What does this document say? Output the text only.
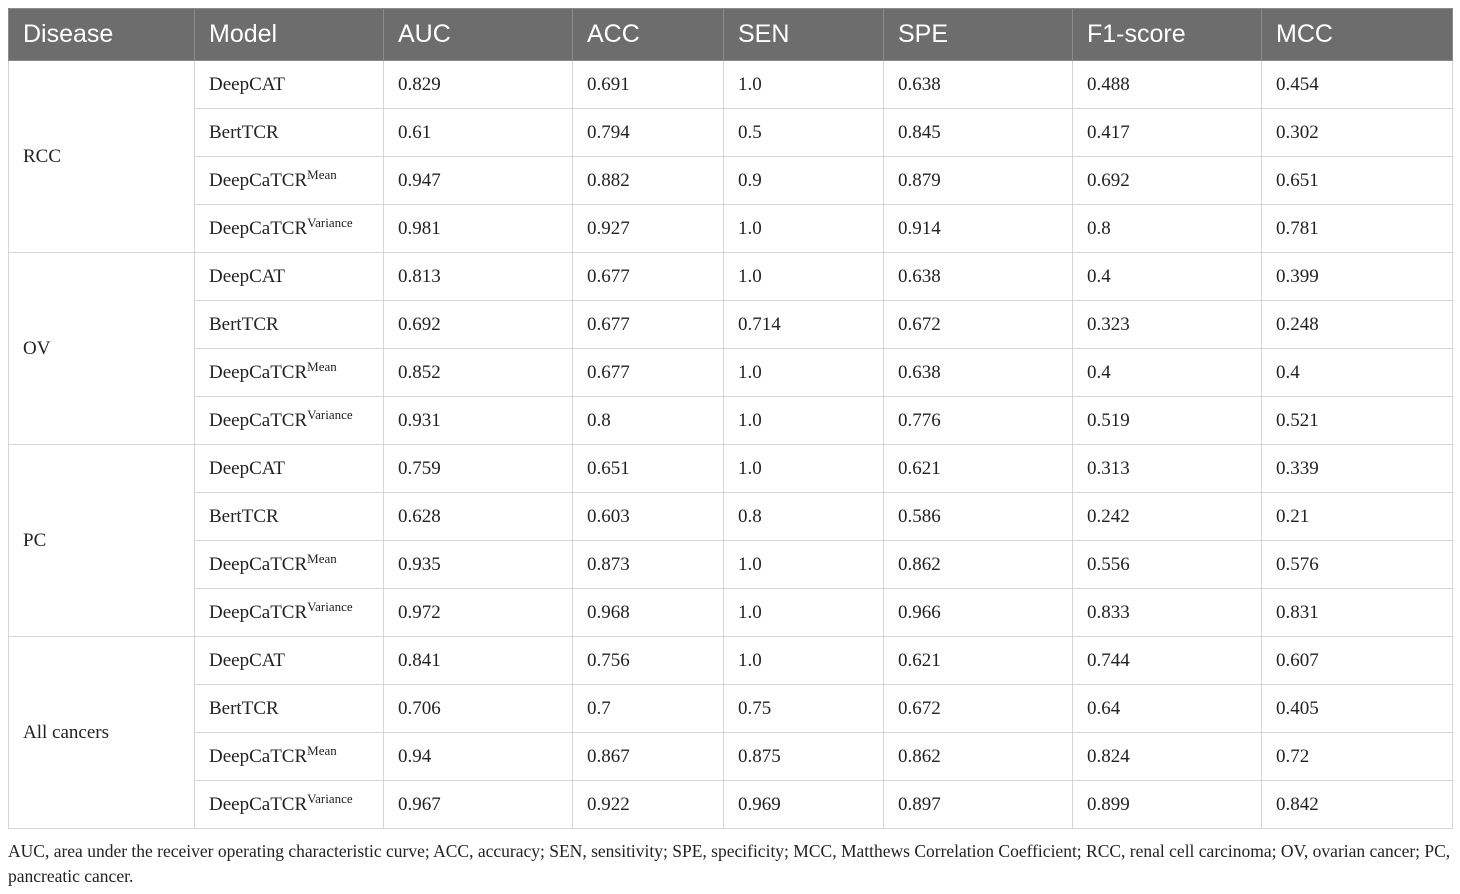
Disease	Model	AUC	ACC	SEN	SPE	F1-score	MCC
RCC	DeepCAT	0.829	0.691	1.0	0.638	0.488	0.454
	BertTCR	0.61	0.794	0.5	0.845	0.417	0.302
	DeepCaTCR$^{Mean}$	0.947	0.882	0.9	0.879	0.692	0.651
	DeepCaTCR$^{Variance}$	0.981	0.927	1.0	0.914	0.8	0.781
OV	DeepCAT	0.813	0.677	1.0	0.638	0.4	0.399
	BertTCR	0.692	0.677	0.714	0.672	0.323	0.248
	DeepCaTCR$^{Mean}$	0.852	0.677	1.0	0.638	0.4	0.4
	DeepCaTCR$^{Variance}$	0.931	0.8	1.0	0.776	0.519	0.521
PC	DeepCAT	0.759	0.651	1.0	0.621	0.313	0.339
	BertTCR	0.628	0.603	0.8	0.586	0.242	0.21
	DeepCaTCR$^{Mean}$	0.935	0.873	1.0	0.862	0.556	0.576
	DeepCaTCR$^{Variance}$	0.972	0.968	1.0	0.966	0.833	0.831
All cancers	DeepCAT	0.841	0.756	1.0	0.621	0.744	0.607
	BertTCR	0.706	0.7	0.75	0.672	0.64	0.405
	DeepCaTCR$^{Mean}$	0.94	0.867	0.875	0.862	0.824	0.72
	DeepCaTCR$^{Variance}$	0.967	0.922	0.969	0.897	0.899	0.842
AUC, area under the receiver operating characteristic curve; ACC, accuracy; SEN, sensitivity; SPE, specificity; MCC, Matthews Correlation Coefficient; RCC, renal cell carcinoma; OV, ovarian cancer; PC, pancreatic cancer.
